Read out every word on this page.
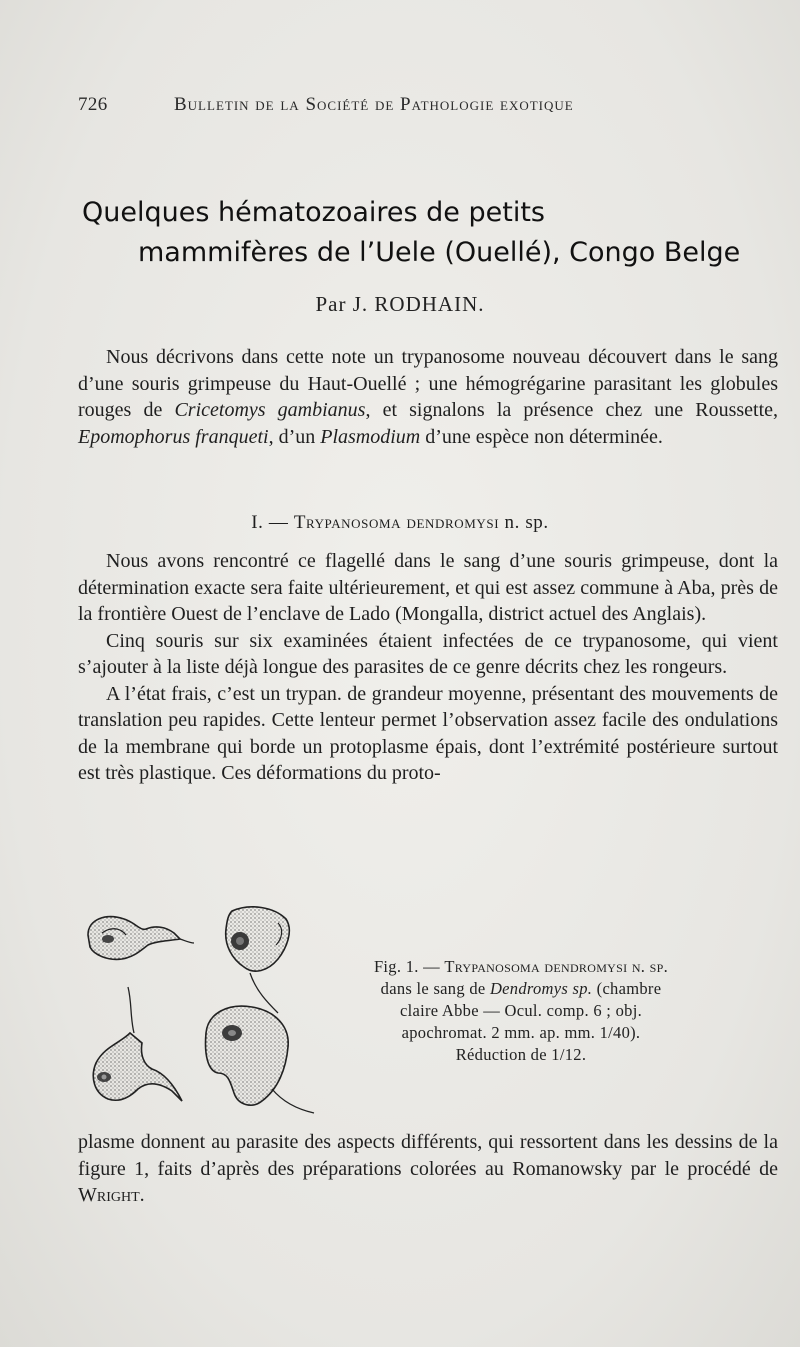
726	Bulletin de la Société de Pathologie exotique
Quelques hématozoaires de petits
mammifères de l’Uele (Ouellé), Congo Belge
Par J. RODHAIN.

Nous décrivons dans cette note un trypanosome nouveau découvert dans le sang d’une souris grimpeuse du Haut-Ouellé ; une hémogrégarine parasitant les globules rouges de Cricetomys gambianus, et signalons la présence chez une Roussette, Epomophorus franqueti, d’un Plasmodium d’une espèce non déterminée.

I. — Trypanosoma dendromysi n. sp.

Nous avons rencontré ce flagellé dans le sang d’une souris grimpeuse, dont la détermination exacte sera faite ultérieurement, et qui est assez commune à Aba, près de la frontière Ouest de l’enclave de Lado (Mongalla, district actuel des Anglais).

Cinq souris sur six examinées étaient infectées de ce trypanosome, qui vient s’ajouter à la liste déjà longue des parasites de ce genre décrits chez les rongeurs.

A l’état frais, c’est un trypan. de grandeur moyenne, présentant des mouvements de translation peu rapides. Cette lenteur permet l’observation assez facile des ondulations de la membrane qui borde un protoplasme épais, dont l’extrémité postérieure surtout est très plastique. Ces déformations du proto-

Fig. 1. — Trypanosoma dendromysi n. sp.
dans le sang de Dendromys sp. (chambre
claire Abbe — Ocul. comp. 6 ; obj.
apochromat. 2 mm. ap. mm. 1/40).
Réduction de 1/12.

plasme donnent au parasite des aspects différents, qui ressortent dans les dessins de la figure 1, faits d’après des préparations colorées au Romanowsky par le procédé de Wright.
